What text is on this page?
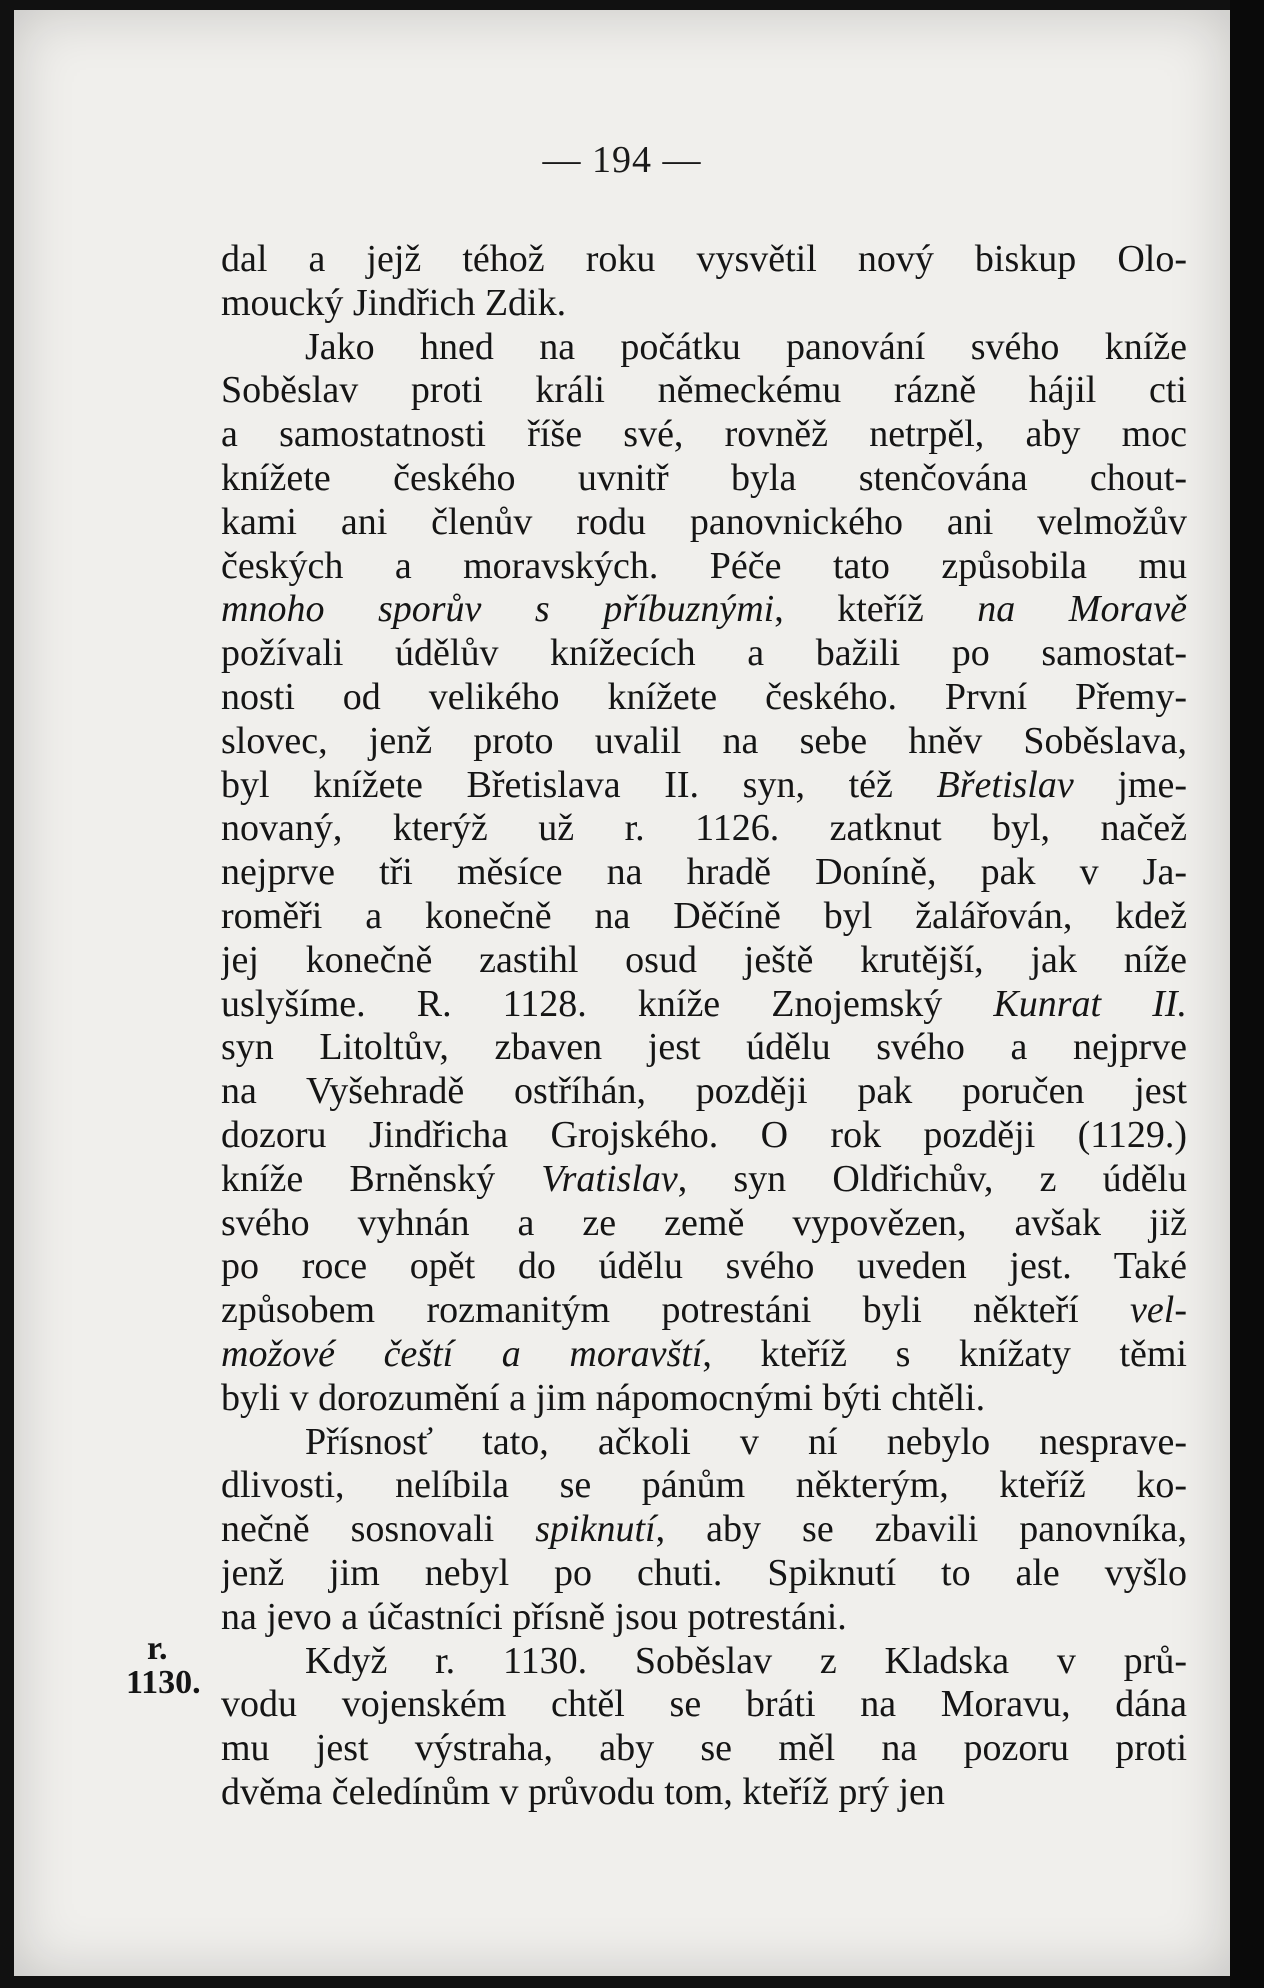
— 194 —
r.
1130.
dal a jejž téhož roku vysvětil nový biskup Olo-
moucký Jindřich Zdik.
Jako hned na počátku panování svého kníže
Soběslav proti králi německému rázně hájil cti
a samostatnosti říše své, rovněž netrpěl, aby moc
knížete českého uvnitř byla stenčována chout-
kami ani členův rodu panovnického ani velmožův
českých a moravských. Péče tato způsobila mu
mnoho sporův s příbuznými, kteříž na Moravě
požívali údělův knížecích a bažili po samostat-
nosti od velikého knížete českého. První Přemy-
slovec, jenž proto uvalil na sebe hněv Soběslava,
byl knížete Břetislava II. syn, též Břetislav jme-
novaný, kterýž už r. 1126. zatknut byl, načež
nejprve tři měsíce na hradě Doníně, pak v Ja-
roměři a konečně na Děčíně byl žalářován, kdež
jej konečně zastihl osud ještě krutější, jak níže
uslyšíme. R. 1128. kníže Znojemský Kunrat II.
syn Litoltův, zbaven jest údělu svého a nejprve
na Vyšehradě ostříhán, později pak poručen jest
dozoru Jindřicha Grojského. O rok později (1129.)
kníže Brněnský Vratislav, syn Oldřichův, z údělu
svého vyhnán a ze země vypovězen, avšak již
po roce opět do údělu svého uveden jest. Také
způsobem rozmanitým potrestáni byli někteří vel-
možové čeští a moravští, kteříž s knížaty těmi
byli v dorozumění a jim nápomocnými býti chtěli.
Přísnosť tato, ačkoli v ní nebylo nesprave-
dlivosti, nelíbila se pánům některým, kteříž ko-
nečně sosnovali spiknutí, aby se zbavili panovníka,
jenž jim nebyl po chuti. Spiknutí to ale vyšlo
na jevo a účastníci přísně jsou potrestáni.
Když r. 1130. Soběslav z Kladska v prů-
vodu vojenském chtěl se bráti na Moravu, dána
mu jest výstraha, aby se měl na pozoru proti
dvěma čeledínům v průvodu tom, kteříž prý jen
